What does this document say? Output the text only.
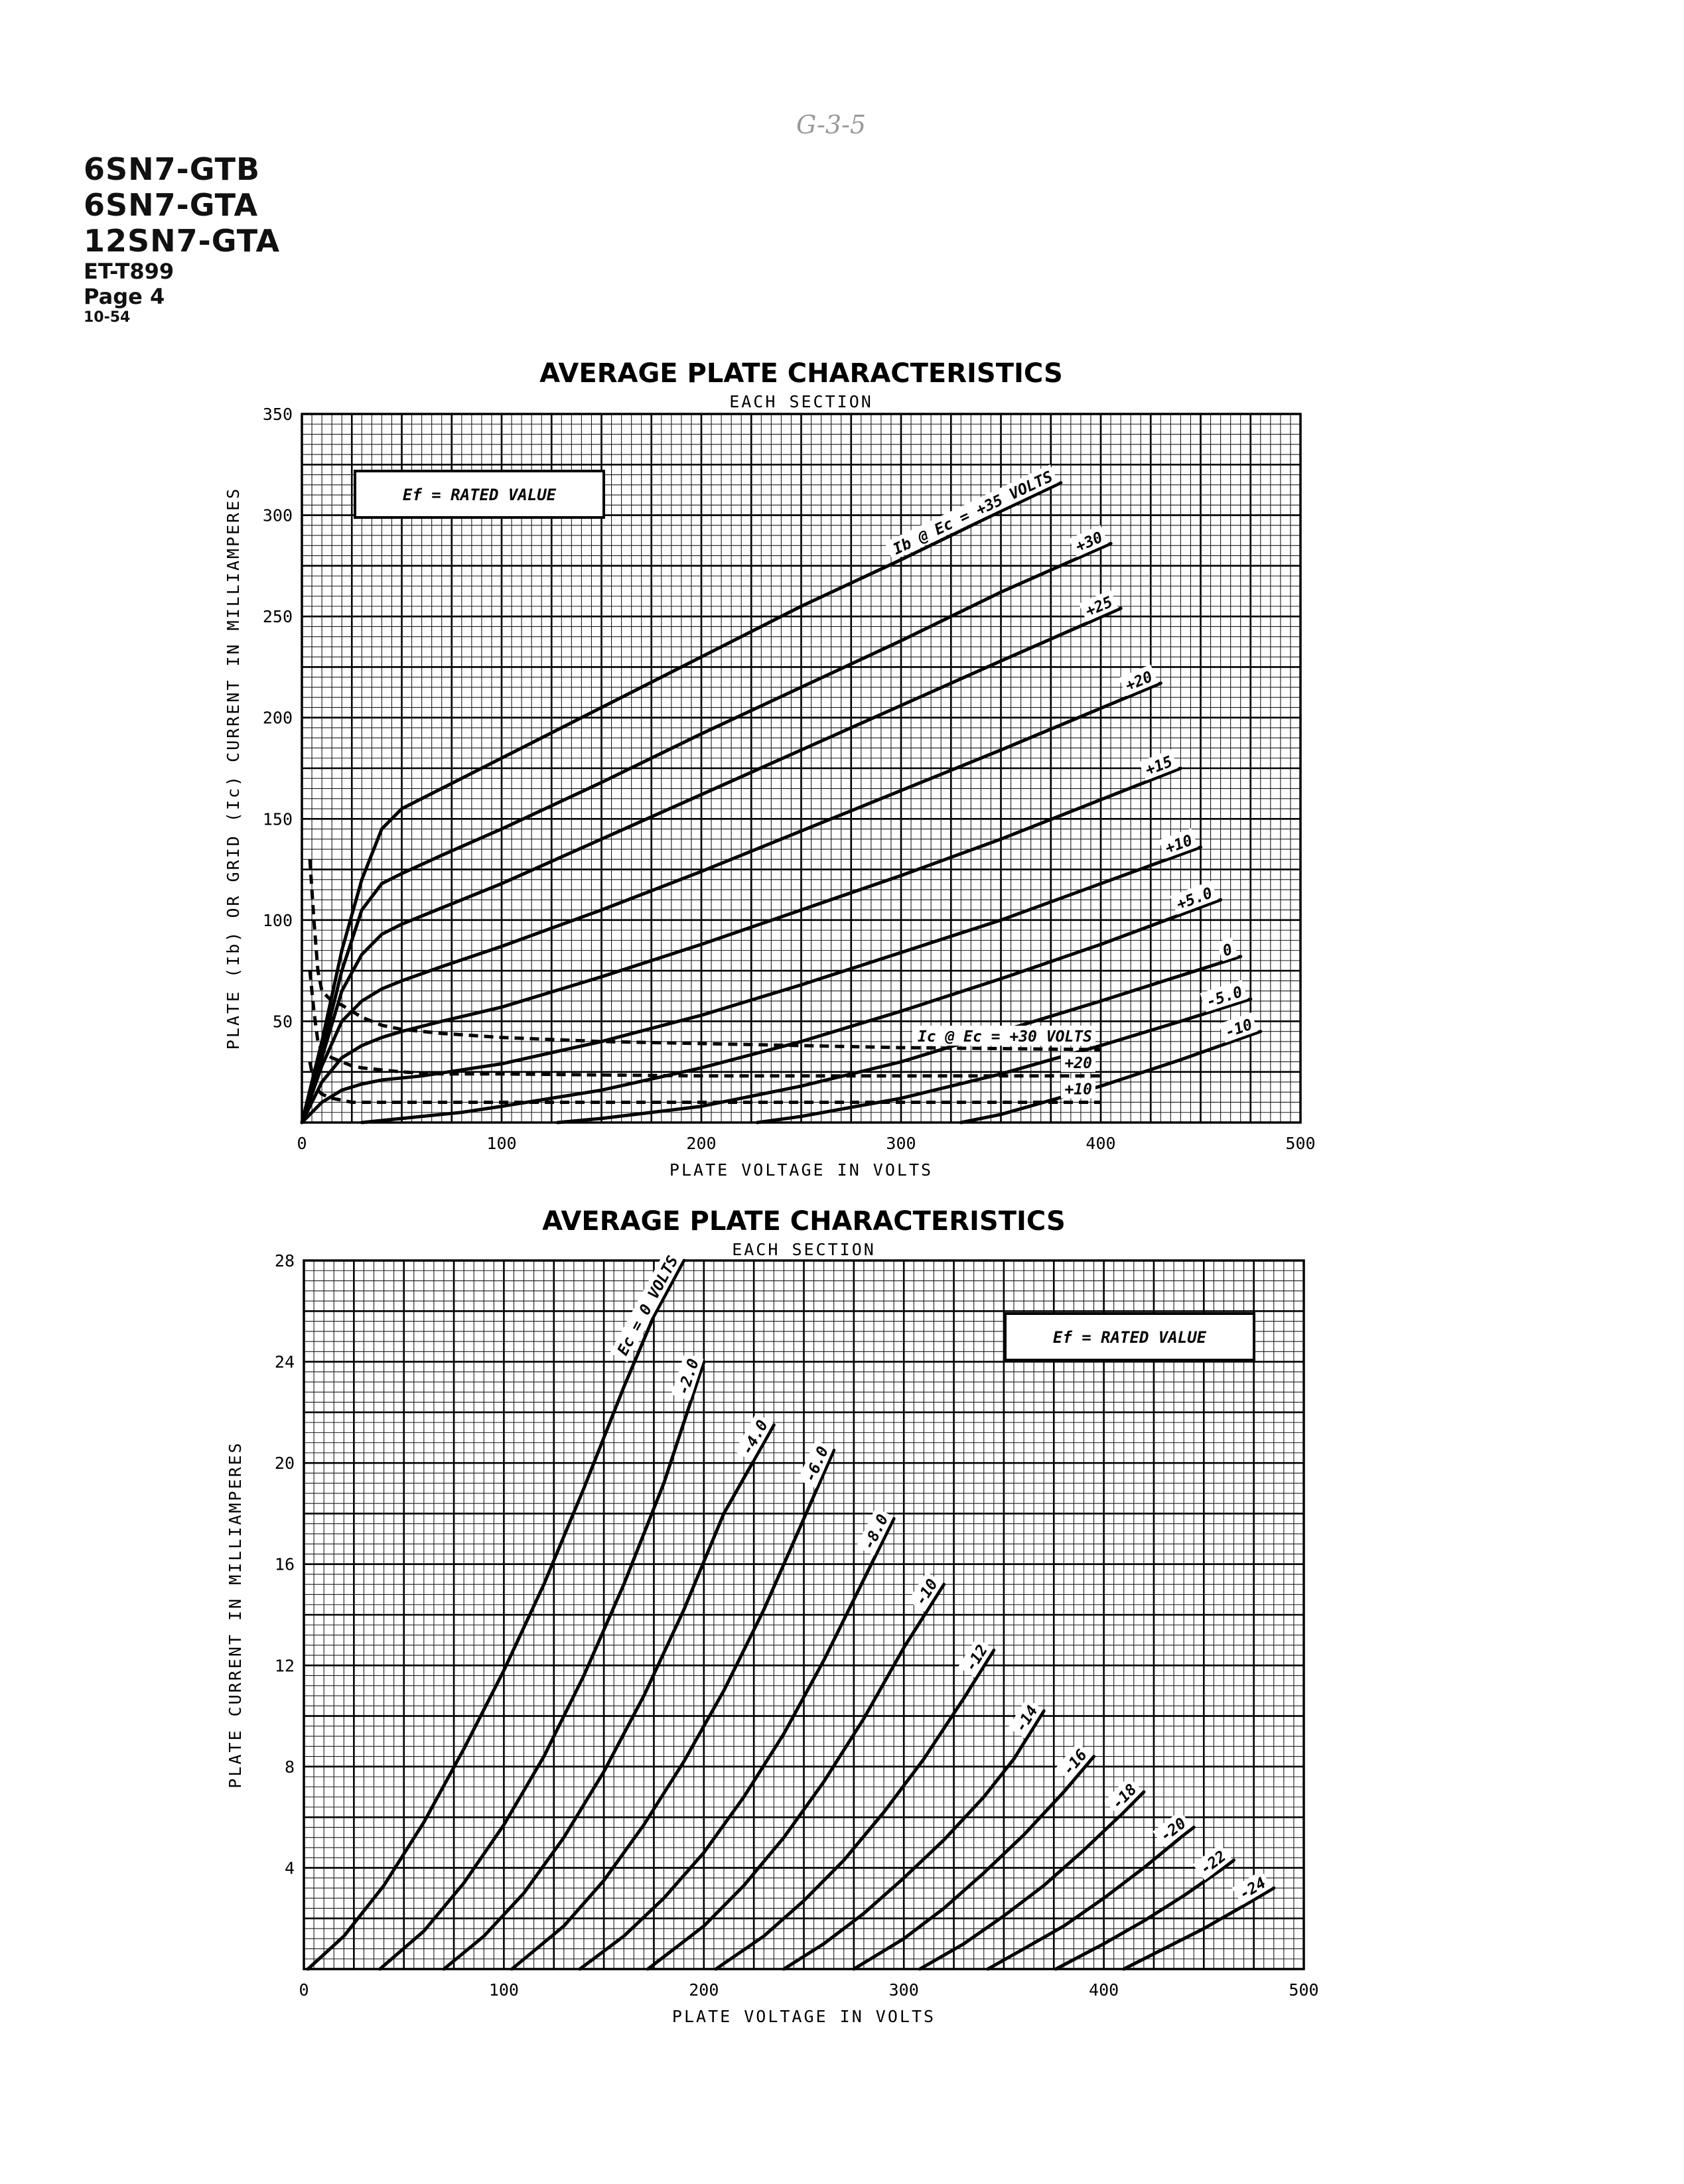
6SN7-GTB
6SN7-GTA
12SN7-GTA
ET-T899
Page 4
10-54
G-3-5
AVERAGE PLATE CHARACTERISTICS
EACH SECTION
0	100	200	300	400	500
50
100
150
200
250
300
350
PLATE VOLTAGE IN VOLTS
PLATE (Ib) OR GRID (Ic) CURRENT IN MILLIAMPERES	Ef = RATED VALUE	Ib @ Ec = +35 VOLTS +30
+25
+20
+15
+10
+5.0
0
-5.0
-10
Ic @ Ec = +30 VOLTS
+20
+10
AVERAGE PLATE CHARACTERISTICS
EACH SECTION
0	100	200	300	400	500
4
8
12
16
20
24
28
PLATE VOLTAGE IN VOLTS
PLATE CURRENT IN MILLIAMPERES
Ef = RATED VALUE
Ec = 0 VOLTS
-2.0
-4.0
-6.0
-8.0
-10
-12
-14
-16
-18
-20
-22
-24
